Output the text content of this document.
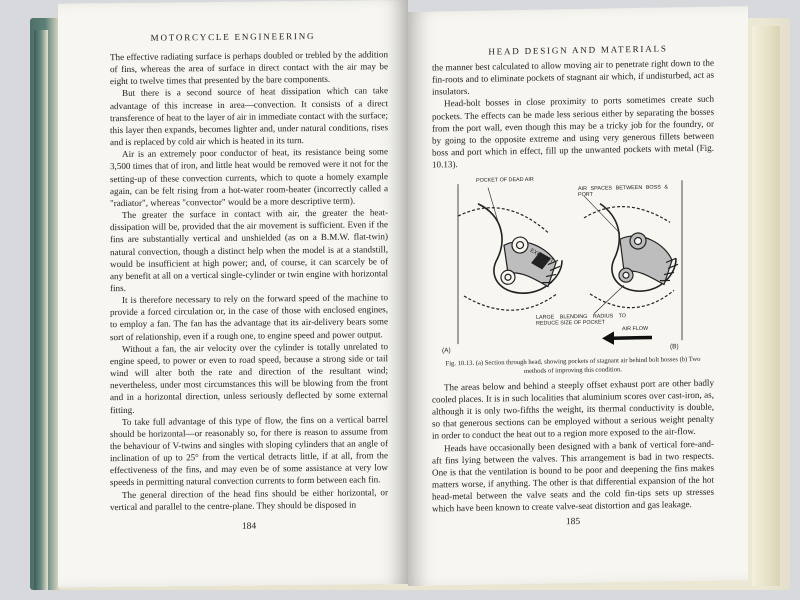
MOTORCYCLE ENGINEERING

The effective radiating surface is perhaps doubled or trebled by the addition of fins, whereas the area of surface in direct contact with the air may be eight to twelve times that presented by the bare components.

But there is a second source of heat dissipation which can take advantage of this increase in area—convection. It consists of a direct transference of heat to the layer of air in immediate contact with the surface; this layer then expands, becomes lighter and, under natural conditions, rises and is replaced by cold air which is heated in its turn.

Air is an extremely poor conductor of heat, its resistance being some 3,500 times that of iron, and little heat would be removed were it not for the setting-up of these convection currents, which to quote a homely example again, can be felt rising from a hot-water room-heater (incorrectly called a "radiator", whereas "convector" would be a more descriptive term).

The greater the surface in contact with air, the greater the heat-dissipation will be, provided that the air movement is sufficient. Even if the fins are substantially vertical and unshielded (as on a B.M.W. flat-twin) natural convection, though a distinct help when the model is at a standstill, would be insufficient at high power; and, of course, it can scarcely be of any benefit at all on a vertical single-cylinder or twin engine with horizontal fins.

It is therefore necessary to rely on the forward speed of the machine to provide a forced circulation or, in the case of those with enclosed engines, to employ a fan. The fan has the advantage that its air-delivery bears some sort of relationship, even if a rough one, to engine speed and power output.

Without a fan, the air velocity over the cylinder is totally unrelated to engine speed, to power or even to road speed, because a strong side or tail wind will alter both the rate and direction of the resultant wind; nevertheless, under most circumstances this will be blowing from the front and in a horizontal direction, unless seriously deflected by some external fitting.

To take full advantage of this type of flow, the fins on a vertical barrel should be horizontal—or reasonably so, for there is reason to assume from the behaviour of V-twins and singles with sloping cylinders that an angle of inclination of up to 25° from the vertical detracts little, if at all, from the effectiveness of the fins, and may even be of some assistance at very low speeds in permitting natural convection currents to form between each fin.

The general direction of the head fins should be either horizontal, or vertical and parallel to the centre-plane. They should be disposed in

184
HEAD DESIGN AND MATERIALS

the manner best calculated to allow moving air to penetrate right down to the fin-roots and to eliminate pockets of stagnant air which, if undisturbed, act as insulators.

Head-bolt bosses in close proximity to ports sometimes create such pockets. The effects can be made less serious either by separating the bosses from the port wall, even though this may be a tricky job for the foundry, or by going to the opposite extreme and using very generous fillets between boss and port which in effect, fill up the unwanted pockets with metal (Fig. 10.13).

POCKET OF DEAD AIR
AIR SPACES BETWEEN BOSS & PORT
EXHAUST
LARGE BLENDING RADIUS TO REDUCE SIZE OF POCKET
AIR FLOW
(A)
(B)
Fig. 10.13. (a) Section through head, showing pockets of stagnant air behind bolt bosses (b) Two methods of improving this condition.

The areas below and behind a steeply offset exhaust port are other badly cooled places. It is in such localities that aluminium scores over cast-iron, as, although it is only two-fifths the weight, its thermal conductivity is double, so that generous sections can be employed without a serious weight penalty in order to conduct the heat out to a region more exposed to the air-flow.

Heads have occasionally been designed with a bank of vertical fore-and-aft fins lying between the valves. This arrangement is bad in two respects. One is that the ventilation is bound to be poor and deepening the fins makes matters worse, if anything. The other is that differential expansion of the hot head-metal between the valve seats and the cold fin-tips sets up stresses which have been known to create valve-seat distortion and gas leakage.

185
